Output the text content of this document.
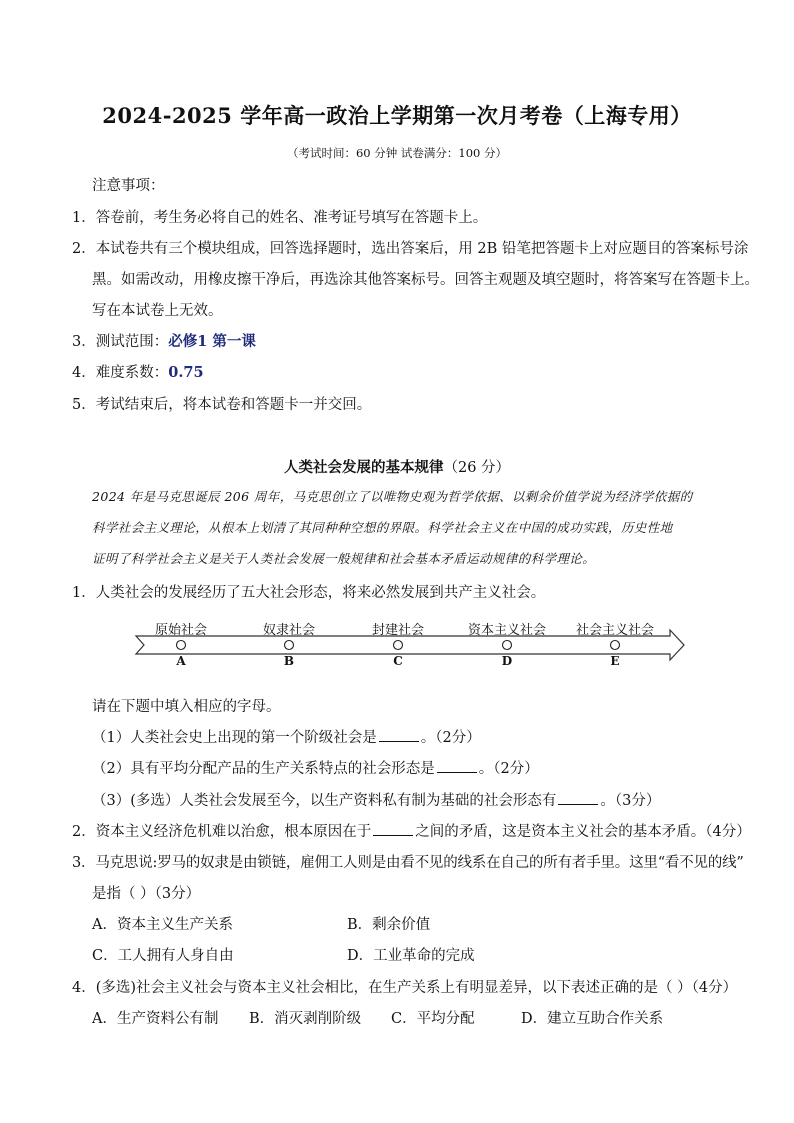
2024-2025 学年高一政治上学期第一次月考卷（上海专用）
（考试时间：60 分钟 试卷满分：100 分）
注意事项：
1．答卷前，考生务必将自己的姓名、准考证号填写在答题卡上。
2．本试卷共有三个模块组成，回答选择题时，选出答案后，用 2B 铅笔把答题卡上对应题目的答案标号涂
黑。如需改动，用橡皮擦干净后，再选涂其他答案标号。回答主观题及填空题时，将答案写在答题卡上。
写在本试卷上无效。
3．测试范围：必修1 第一课
4．难度系数：0.75
5．考试结束后，将本试卷和答题卡一并交回。
人类社会发展的基本规律（26 分）
2024 年是马克思诞辰 206 周年，马克思创立了以唯物史观为哲学依据、以剩余价值学说为经济学依据的
科学社会主义理论，从根本上划清了其同种种空想的界限。科学社会主义在中国的成功实践，历史性地
证明了科学社会主义是关于人类社会发展一般规律和社会基本矛盾运动规律的科学理论。
1．人类社会的发展经历了五大社会形态，将来必然发展到共产主义社会。
原始社会	奴隶社会	封建社会	资本主义社会	社会主义社会
A	B	C	D	E
请在下题中填入相应的字母。
（1）人类社会史上出现的第一个阶级社会是	。（2分）
（2）具有平均分配产品的生产关系特点的社会形态是	。（2分）
（3）(多选）人类社会发展至今，以生产资料私有制为基础的社会形态有	。（3分）
2．资本主义经济危机难以治愈，根本原因在于	之间的矛盾，这是资本主义社会的基本矛盾。（4分）
3．马克思说:罗马的奴隶是由锁链，雇佣工人则是由看不见的线系在自己的所有者手里。这里“看不见的线”
是指（ ）（3分）
A．资本主义生产关系	B．剩余价值
C．工人拥有人身自由	D．工业革命的完成
4．(多选)社会主义社会与资本主义社会相比，在生产关系上有明显差异，以下表述正确的是（ ）（4分）
A．生产资料公有制 B．消灭剥削阶级 C．平均分配	D．建立互助合作关系
